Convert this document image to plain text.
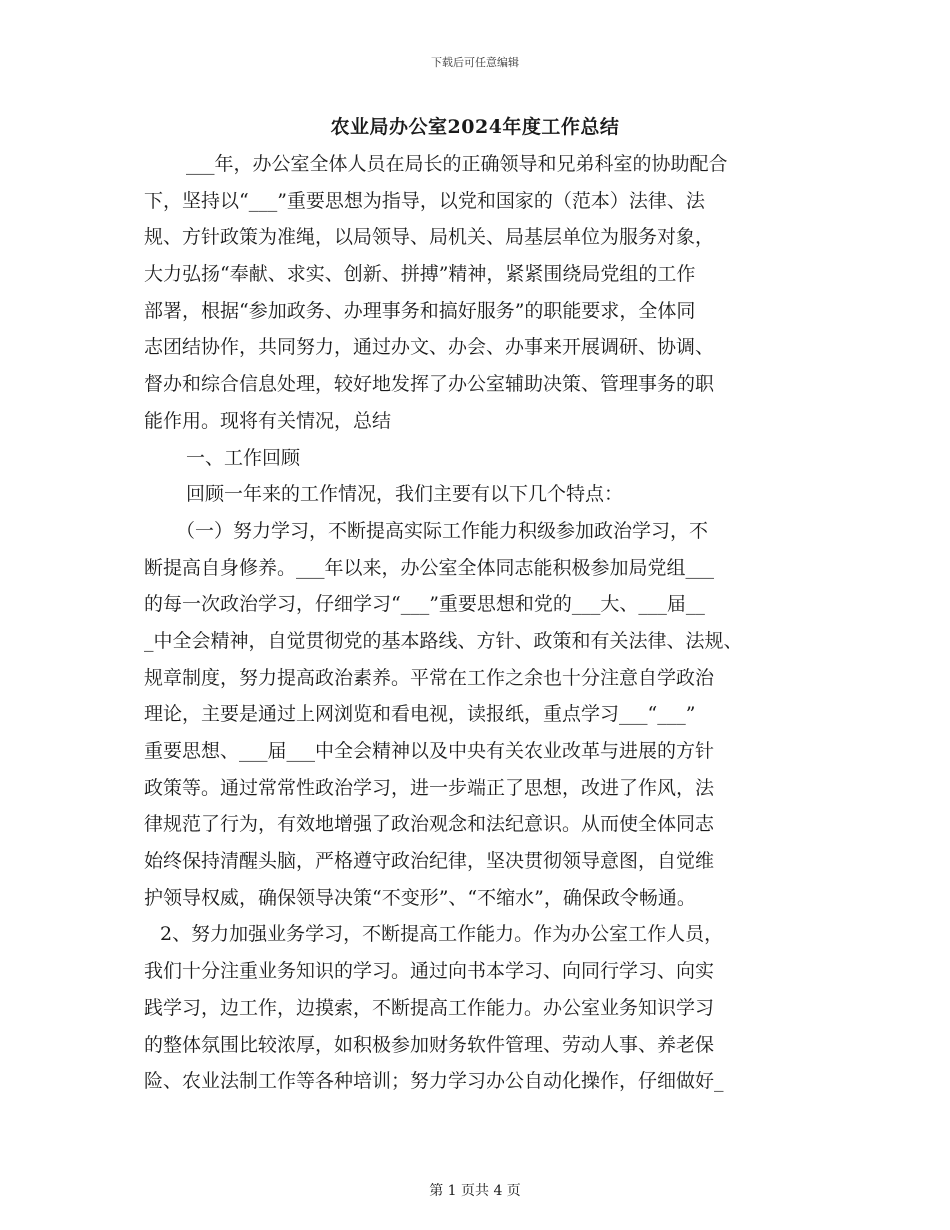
下载后可任意编辑
农业局办公室2024年度工作总结
___年，办公室全体人员在局长的正确领导和兄弟科室的协助配合
下，坚持以“___”重要思想为指导，以党和国家的（范本）法律、法
规、方针政策为准绳，以局领导、局机关、局基层单位为服务对象，
大力弘扬“奉献、求实、创新、拼搏”精神，紧紧围绕局党组的工作
部署，根据“参加政务、办理事务和搞好服务”的职能要求，全体同
志团结协作，共同努力，通过办文、办会、办事来开展调研、协调、
督办和综合信息处理，较好地发挥了办公室辅助决策、管理事务的职
能作用。现将有关情况，总结
一、工作回顾
回顾一年来的工作情况，我们主要有以下几个特点：
（一）努力学习，不断提高实际工作能力积级参加政治学习，不
断提高自身修养。___年以来，办公室全体同志能积极参加局党组___
的每一次政治学习，仔细学习“___”重要思想和党的___大、___届__
_中全会精神，自觉贯彻党的基本路线、方针、政策和有关法律、法规、
规章制度，努力提高政治素养。平常在工作之余也十分注意自学政治
理论，主要是通过上网浏览和看电视，读报纸，重点学习___“___”
重要思想、___届___中全会精神以及中央有关农业改革与进展的方针
政策等。通过常常性政治学习，进一步端正了思想，改进了作风，法
律规范了行为，有效地增强了政治观念和法纪意识。从而使全体同志
始终保持清醒头脑，严格遵守政治纪律，坚决贯彻领导意图，自觉维
护领导权威，确保领导决策“不变形”、“不缩水”，确保政令畅通。
2、努力加强业务学习，不断提高工作能力。作为办公室工作人员，
我们十分注重业务知识的学习。通过向书本学习、向同行学习、向实
践学习，边工作，边摸索，不断提高工作能力。办公室业务知识学习
的整体氛围比较浓厚，如积极参加财务软件管理、劳动人事、养老保
险、农业法制工作等各种培训；努力学习办公自动化操作，仔细做好_
第 1 页共 4 页
